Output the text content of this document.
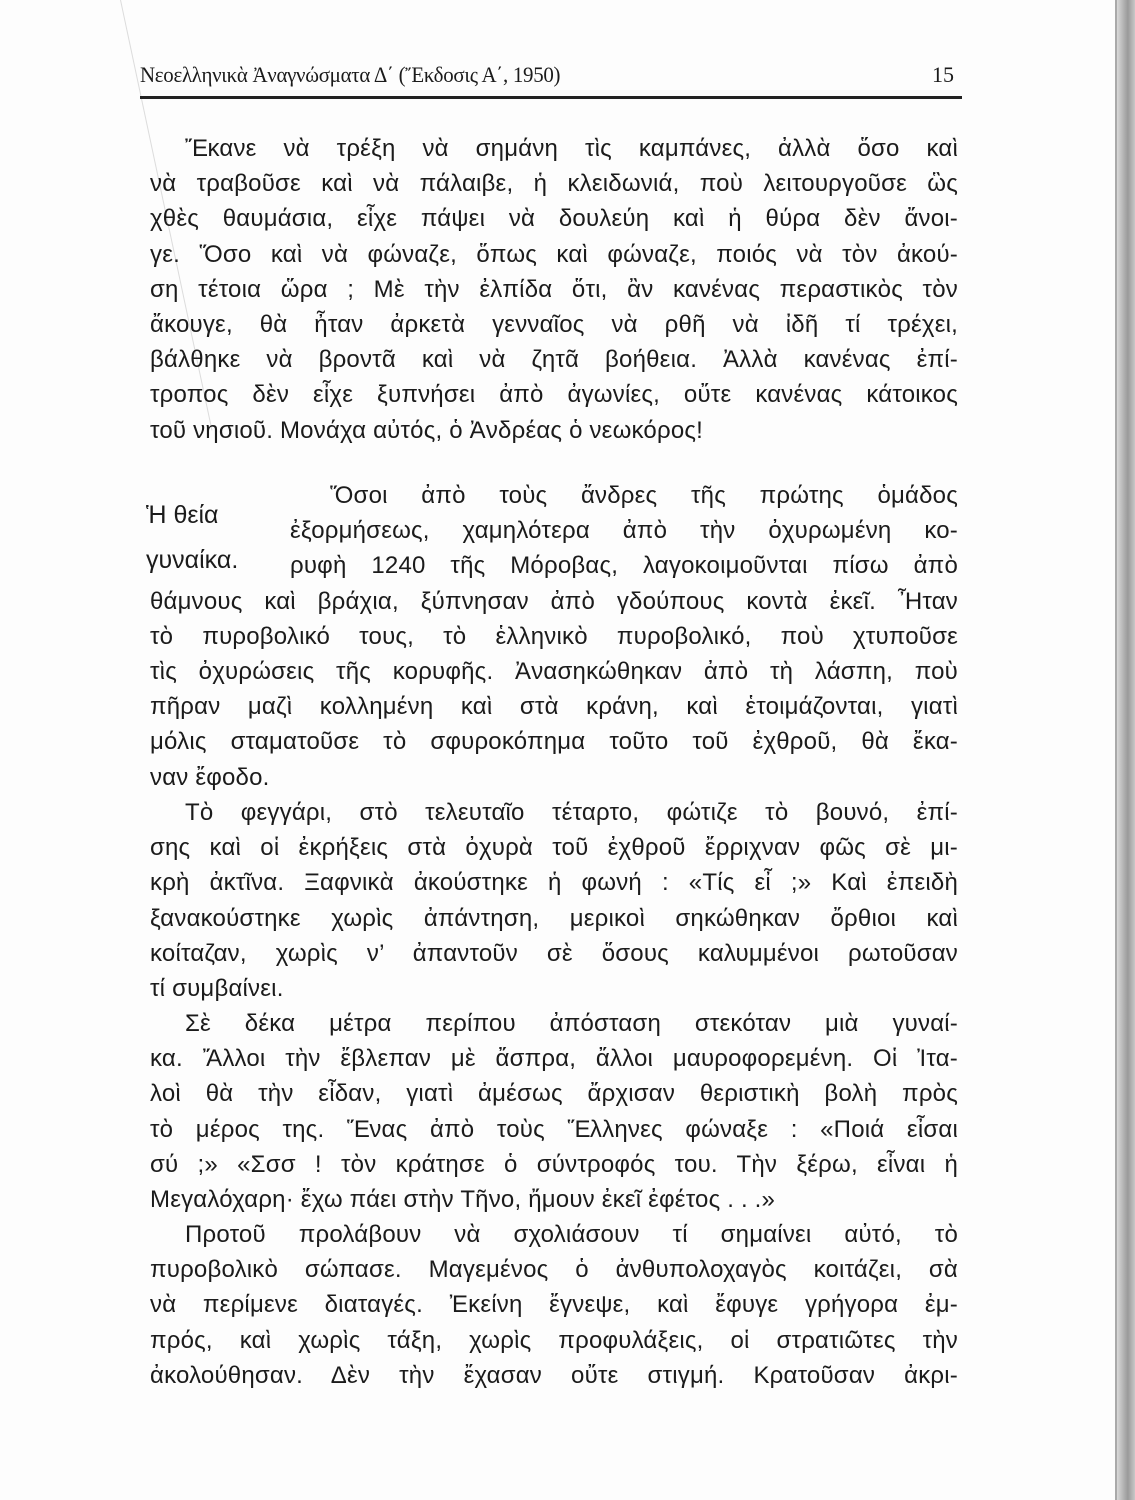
Νεοελληνικὰ Ἀναγνώσματα Δ΄ (Ἔκδοσις Α΄, 1950)	15
Ἡ θεία
γυναίκα.
Ἔκανε νὰ τρέξη νὰ σημάνη τὶς καμπάνες, ἀλλὰ ὅσο καὶ
νὰ τραβοῦσε καὶ νὰ πάλαιβε, ἡ κλειδωνιά, ποὺ λειτουργοῦσε ὣς
χθὲς θαυμάσια, εἶχε πάψει νὰ δουλεύη καὶ ἡ θύρα δὲν ἄνοι-
γε. Ὅσο καὶ νὰ φώναζε, ὅπως καὶ φώναζε, ποιός νὰ τὸν ἀκού-
ση τέτοια ὥρα ; Μὲ τὴν ἐλπίδα ὅτι, ἂν κανένας περαστικὸς τὸν
ἄκουγε, θὰ ἦταν ἀρκετὰ γενναῖος νὰ ρθῆ νὰ ἰδῆ τί τρέχει,
βάλθηκε νὰ βροντᾶ καὶ νὰ ζητᾶ βοήθεια. Ἀλλὰ κανένας ἐπί-
τροπος δὲν εἶχε ξυπνήσει ἀπὸ ἀγωνίες, οὔτε κανένας κάτοικος
τοῦ νησιοῦ. Μονάχα αὐτός, ὁ Ἀνδρέας ὁ νεωκόρος!
Ὅσοι ἀπὸ τοὺς ἄνδρες τῆς πρώτης ὁμάδος
ἐξορμήσεως, χαμηλότερα ἀπὸ τὴν ὀχυρωμένη κο-
ρυφὴ 1240 τῆς Μόροβας, λαγοκοιμοῦνται πίσω ἀπὸ
θάμνους καὶ βράχια, ξύπνησαν ἀπὸ γδούπους κοντὰ ἐκεῖ. Ἦταν
τὸ πυροβολικό τους, τὸ ἑλληνικὸ πυροβολικό, ποὺ χτυποῦσε
τὶς ὀχυρώσεις τῆς κορυφῆς. Ἀνασηκώθηκαν ἀπὸ τὴ λάσπη, ποὺ
πῆραν μαζὶ κολλημένη καὶ στὰ κράνη, καὶ ἑτοιμάζονται, γιατὶ
μόλις σταματοῦσε τὸ σφυροκόπημα τοῦτο τοῦ ἐχθροῦ, θὰ ἔκα-
ναν ἔφοδο.
Τὸ φεγγάρι, στὸ τελευταῖο τέταρτο, φώτιζε τὸ βουνό, ἐπί-
σης καὶ οἱ ἐκρήξεις στὰ ὀχυρὰ τοῦ ἐχθροῦ ἔρριχναν φῶς σὲ μι-
κρὴ ἀκτῖνα. Ξαφνικὰ ἀκούστηκε ἡ φωνή : «Τίς εἶ ;» Καὶ ἐπειδὴ
ξανακούστηκε χωρὶς ἀπάντηση, μερικοὶ σηκώθηκαν ὄρθιοι καὶ
κοίταζαν, χωρὶς ν’ ἀπαντοῦν σὲ ὅσους καλυμμένοι ρωτοῦσαν
τί συμβαίνει.
Σὲ δέκα μέτρα περίπου ἀπόσταση στεκόταν μιὰ γυναί-
κα. Ἄλλοι τὴν ἔβλεπαν μὲ ἄσπρα, ἄλλοι μαυροφορεμένη. Οἱ Ἰτα-
λοὶ θὰ τὴν εἶδαν, γιατὶ ἀμέσως ἄρχισαν θεριστικὴ βολὴ πρὸς
τὸ μέρος της. Ἕνας ἀπὸ τοὺς Ἕλληνες φώναξε : «Ποιά εἶσαι
σύ ;» «Σσσ ! τὸν κράτησε ὁ σύντροφός του. Τὴν ξέρω, εἶναι ἡ
Μεγαλόχαρη· ἔχω πάει στὴν Τῆνο, ἤμουν ἐκεῖ ἐφέτος . . .»
Προτοῦ προλάβουν νὰ σχολιάσουν τί σημαίνει αὐτό, τὸ
πυροβολικὸ σώπασε. Μαγεμένος ὁ ἀνθυπολοχαγὸς κοιτάζει, σὰ
νὰ περίμενε διαταγές. Ἐκείνη ἔγνεψε, καὶ ἔφυγε γρήγορα ἐμ-
πρός, καὶ χωρὶς τάξη, χωρὶς προφυλάξεις, οἱ στρατιῶτες τὴν
ἀκολούθησαν. Δὲν τὴν ἔχασαν οὔτε στιγμή. Κρατοῦσαν ἀκρι-
